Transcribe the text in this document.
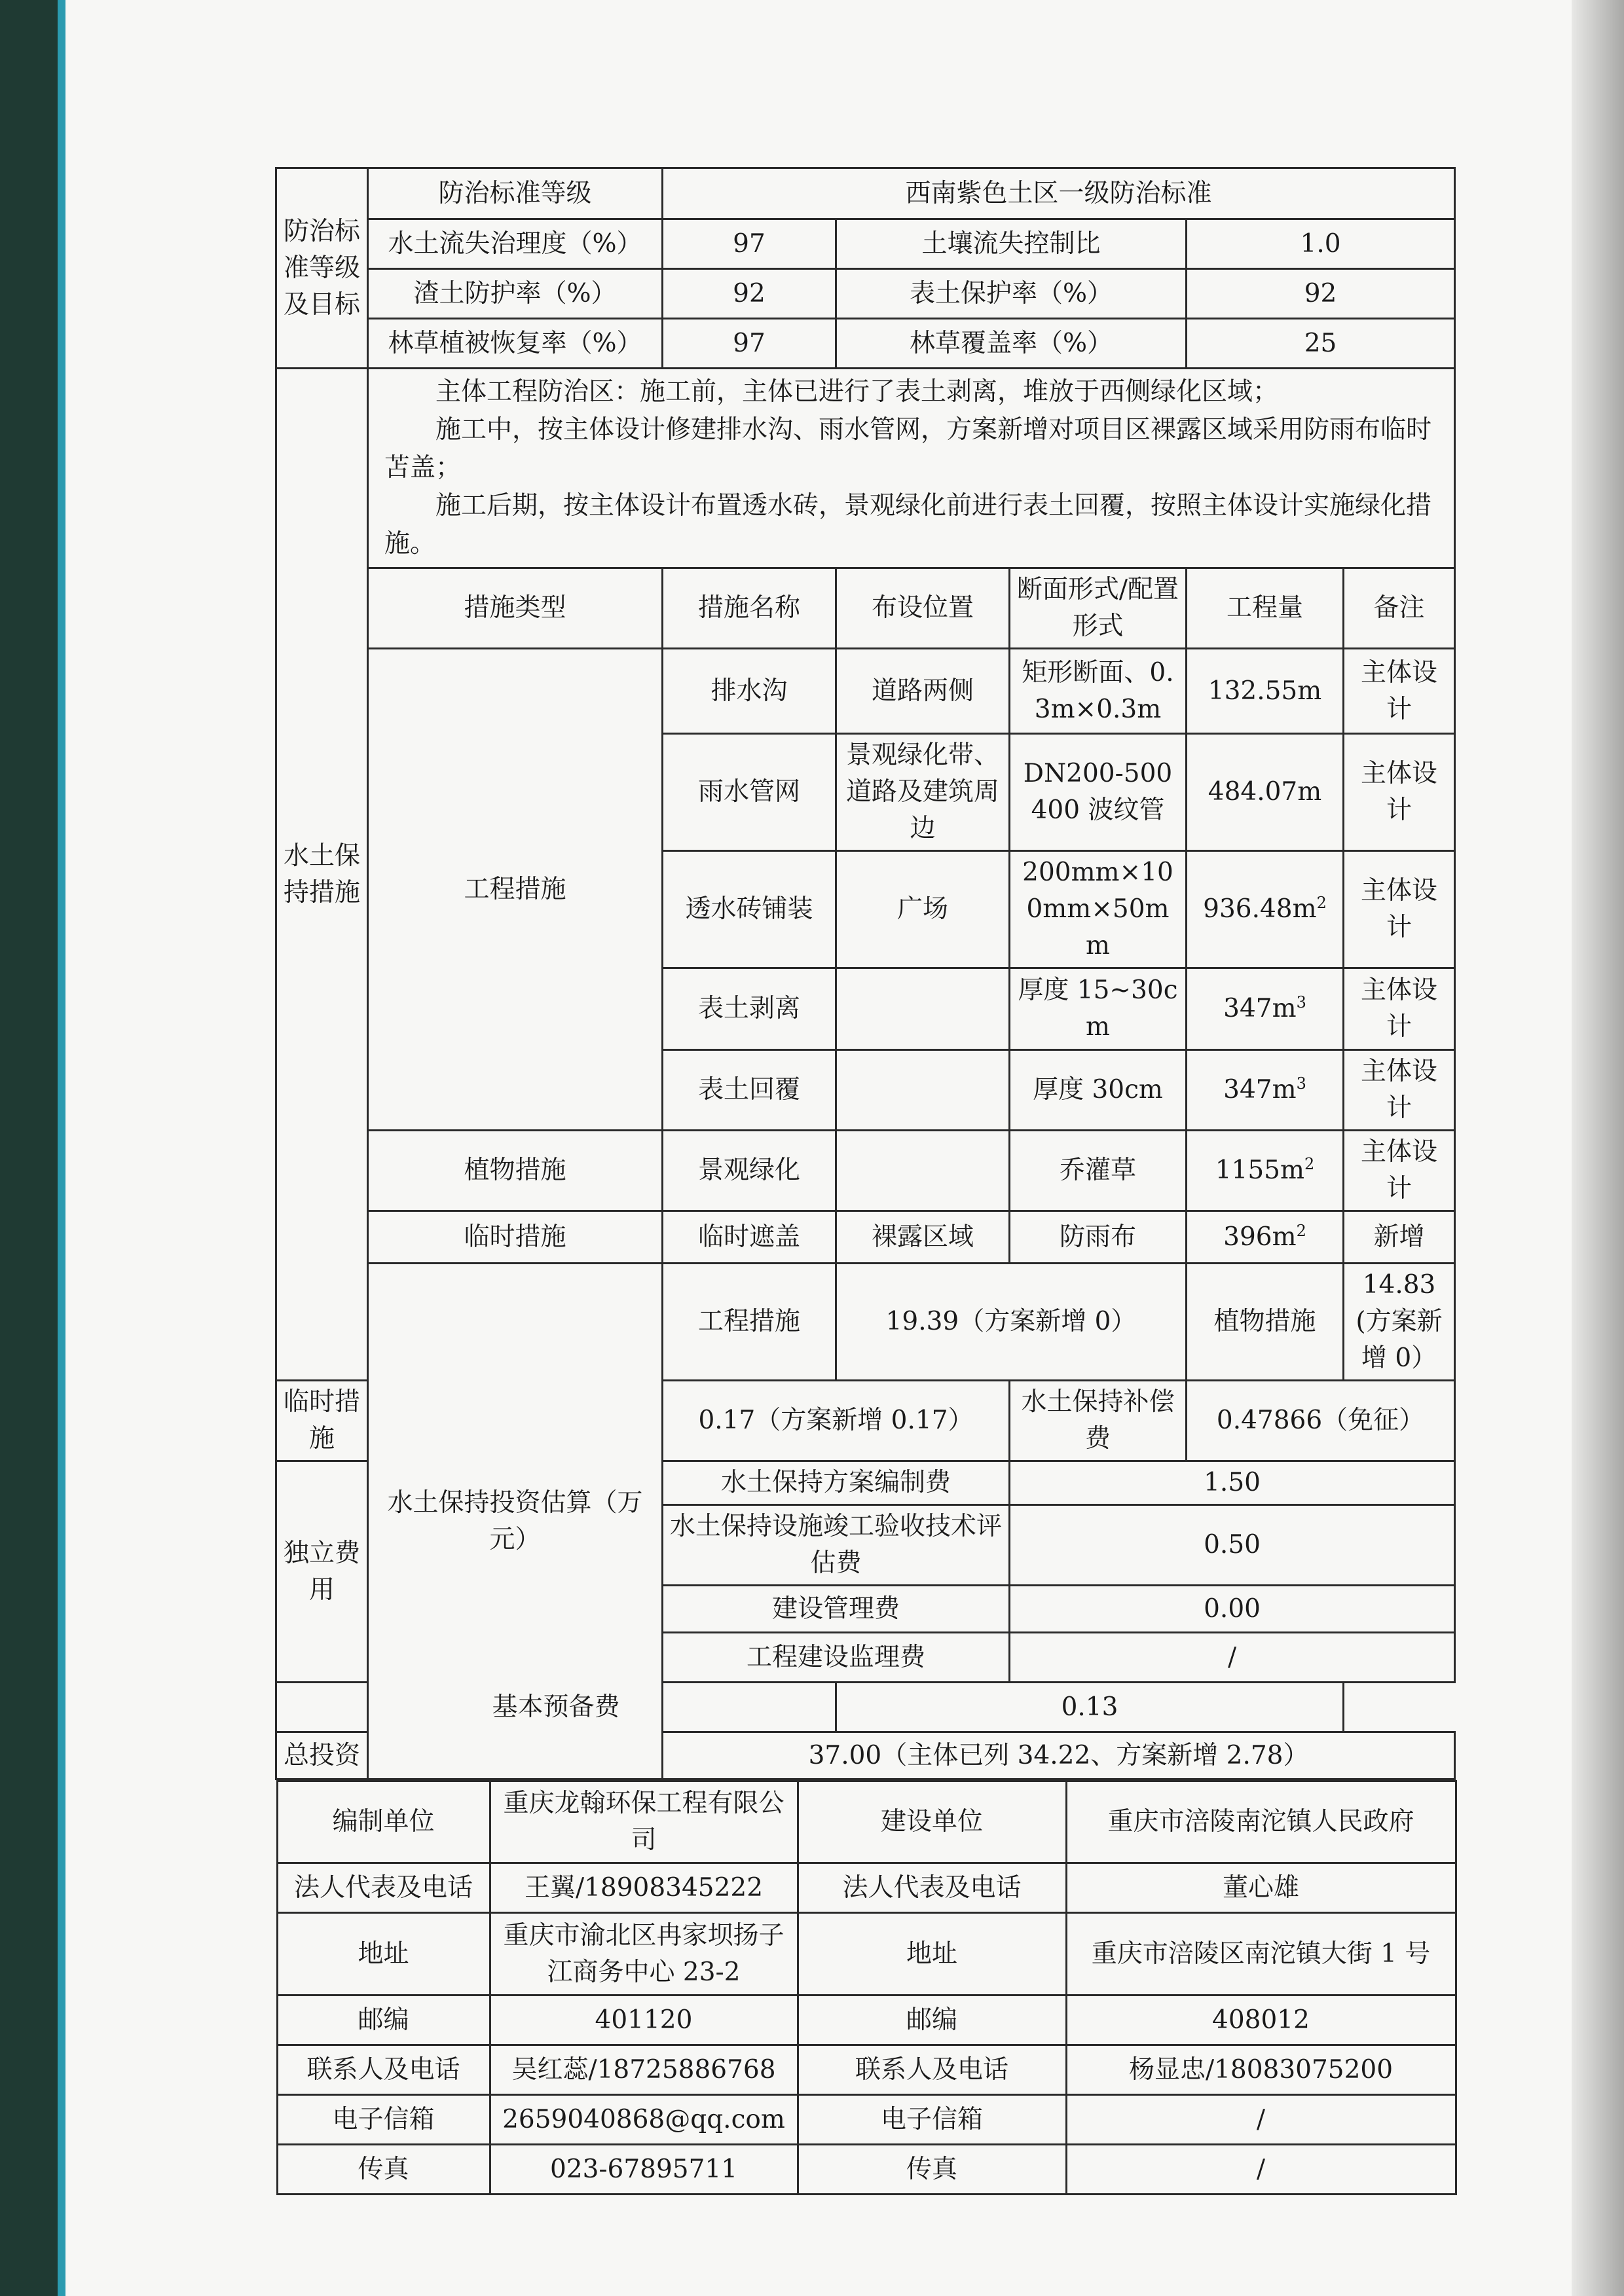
防治标准等级及目标	防治标准等级	西南紫色土区一级防治标准
水土流失治理度（%）	97	土壤流失控制比	1.0
渣土防护率（%）	92	表土保护率（%）	92
林草植被恢复率（%）	97	林草覆盖率（%）	25
水土保持措施	

主体工程防治区：施工前，主体已进行了表土剥离，堆放于西侧绿化区域；

施工中，按主体设计修建排水沟、雨水管网，方案新增对项目区裸露区域采用防雨布临时苫盖；

施工后期，按主体设计布置透水砖，景观绿化前进行表土回覆，按照主体设计实施绿化措施。

措施类型	措施名称	布设位置	断面形式/配置形式	工程量	备注
工程措施	排水沟	道路两侧	矩形断面、0.3m×0.3m	132.55m	主体设计
雨水管网	景观绿化带、道路及建筑周边	DN200-500 400 波纹管	484.07m	主体设计
透水砖铺装	广场	200mm×100mm×50mm	$936.48m^2$	主体设计
表土剥离		厚度 15~30cm	$347m^3$	主体设计
表土回覆		厚度 30cm	$347m^3$	主体设计
植物措施	景观绿化		乔灌草	$1155m^2$	主体设计
临时措施	临时遮盖	裸露区域	防雨布	$396m^2$	新增
水土保持投资估算（万元）	工程措施	19.39（方案新增 0）	植物措施	14.83(方案新增 0）
临时措施	0.17（方案新增 0.17）	水土保持补偿费	0.47866（免征）
独立费用	水土保持方案编制费	1.50
水土保持设施竣工验收技术评估费	0.50
建设管理费	0.00
工程建设监理费	/
基本预备费	0.13
总投资	37.00（主体已列 34.22、方案新增 2.78）

编制单位	重庆龙翰环保工程有限公司	建设单位	重庆市涪陵南沱镇人民政府
法人代表及电话	王翼/18908345222	法人代表及电话	董心雄
地址	重庆市渝北区冉家坝扬子江商务中心 23-2	地址	重庆市涪陵区南沱镇大街 1 号
邮编	401120	邮编	408012
联系人及电话	吴红蕊/18725886768	联系人及电话	杨显忠/18083075200
电子信箱	2659040868@qq.com	电子信箱	/
传真	023-67895711	传真	/
